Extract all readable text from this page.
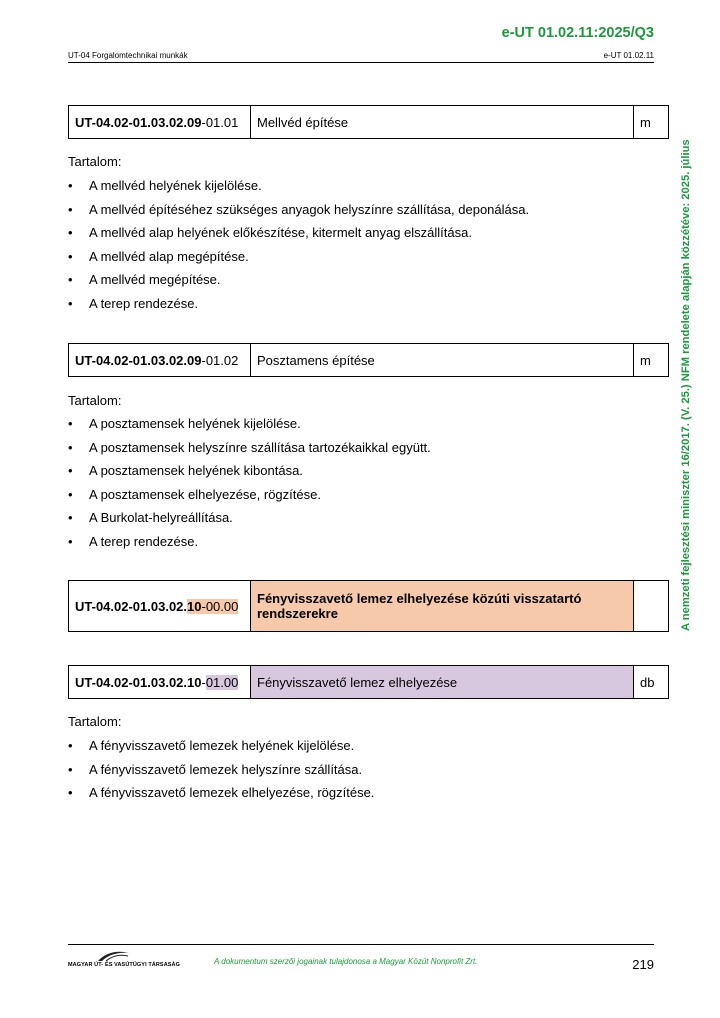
e-UT 01.02.11:2025/Q3
UT-04 Forgalomtechnikai munkák	e-UT 01.02.11
A nemzeti fejlesztési miniszter 16/2017. (V. 25.) NFM rendelete alapján közzétéve: 2025. július
UT-04.02-01.03.02.09-01.01	Mellvéd építése	m
Tartalom:
• A mellvéd helyének kijelölése.
• A mellvéd építéséhez szükséges anyagok helyszínre szállítása, deponálása.
• A mellvéd alap helyének előkészítése, kitermelt anyag elszállítása.
• A mellvéd alap megépítése.
• A mellvéd megépítése.
• A terep rendezése.
UT-04.02-01.03.02.09-01.02	Posztamens építése	m
Tartalom:
• A posztamensek helyének kijelölése.
• A posztamensek helyszínre szállítása tartozékaikkal együtt.
• A posztamensek helyének kibontása.
• A posztamensek elhelyezése, rögzítése.
• A Burkolat-helyreállítása.
• A terep rendezése.
UT-04.02-01.03.02.10-00.00	Fényvisszavető lemez elhelyezése közúti visszatartó rendszerekre	
UT-04.02-01.03.02.10-01.00	Fényvisszavető lemez elhelyezése	db
Tartalom:
• A fényvisszavető lemezek helyének kijelölése.
• A fényvisszavető lemezek helyszínre szállítása.
• A fényvisszavető lemezek elhelyezése, rögzítése.
MAGYAR ÚT- ÉS VASÚTÜGYI TÁRSASÁG	A dokumentum szerzői jogainak tulajdonosa a Magyar Közút Nonprofit Zrt.	219
